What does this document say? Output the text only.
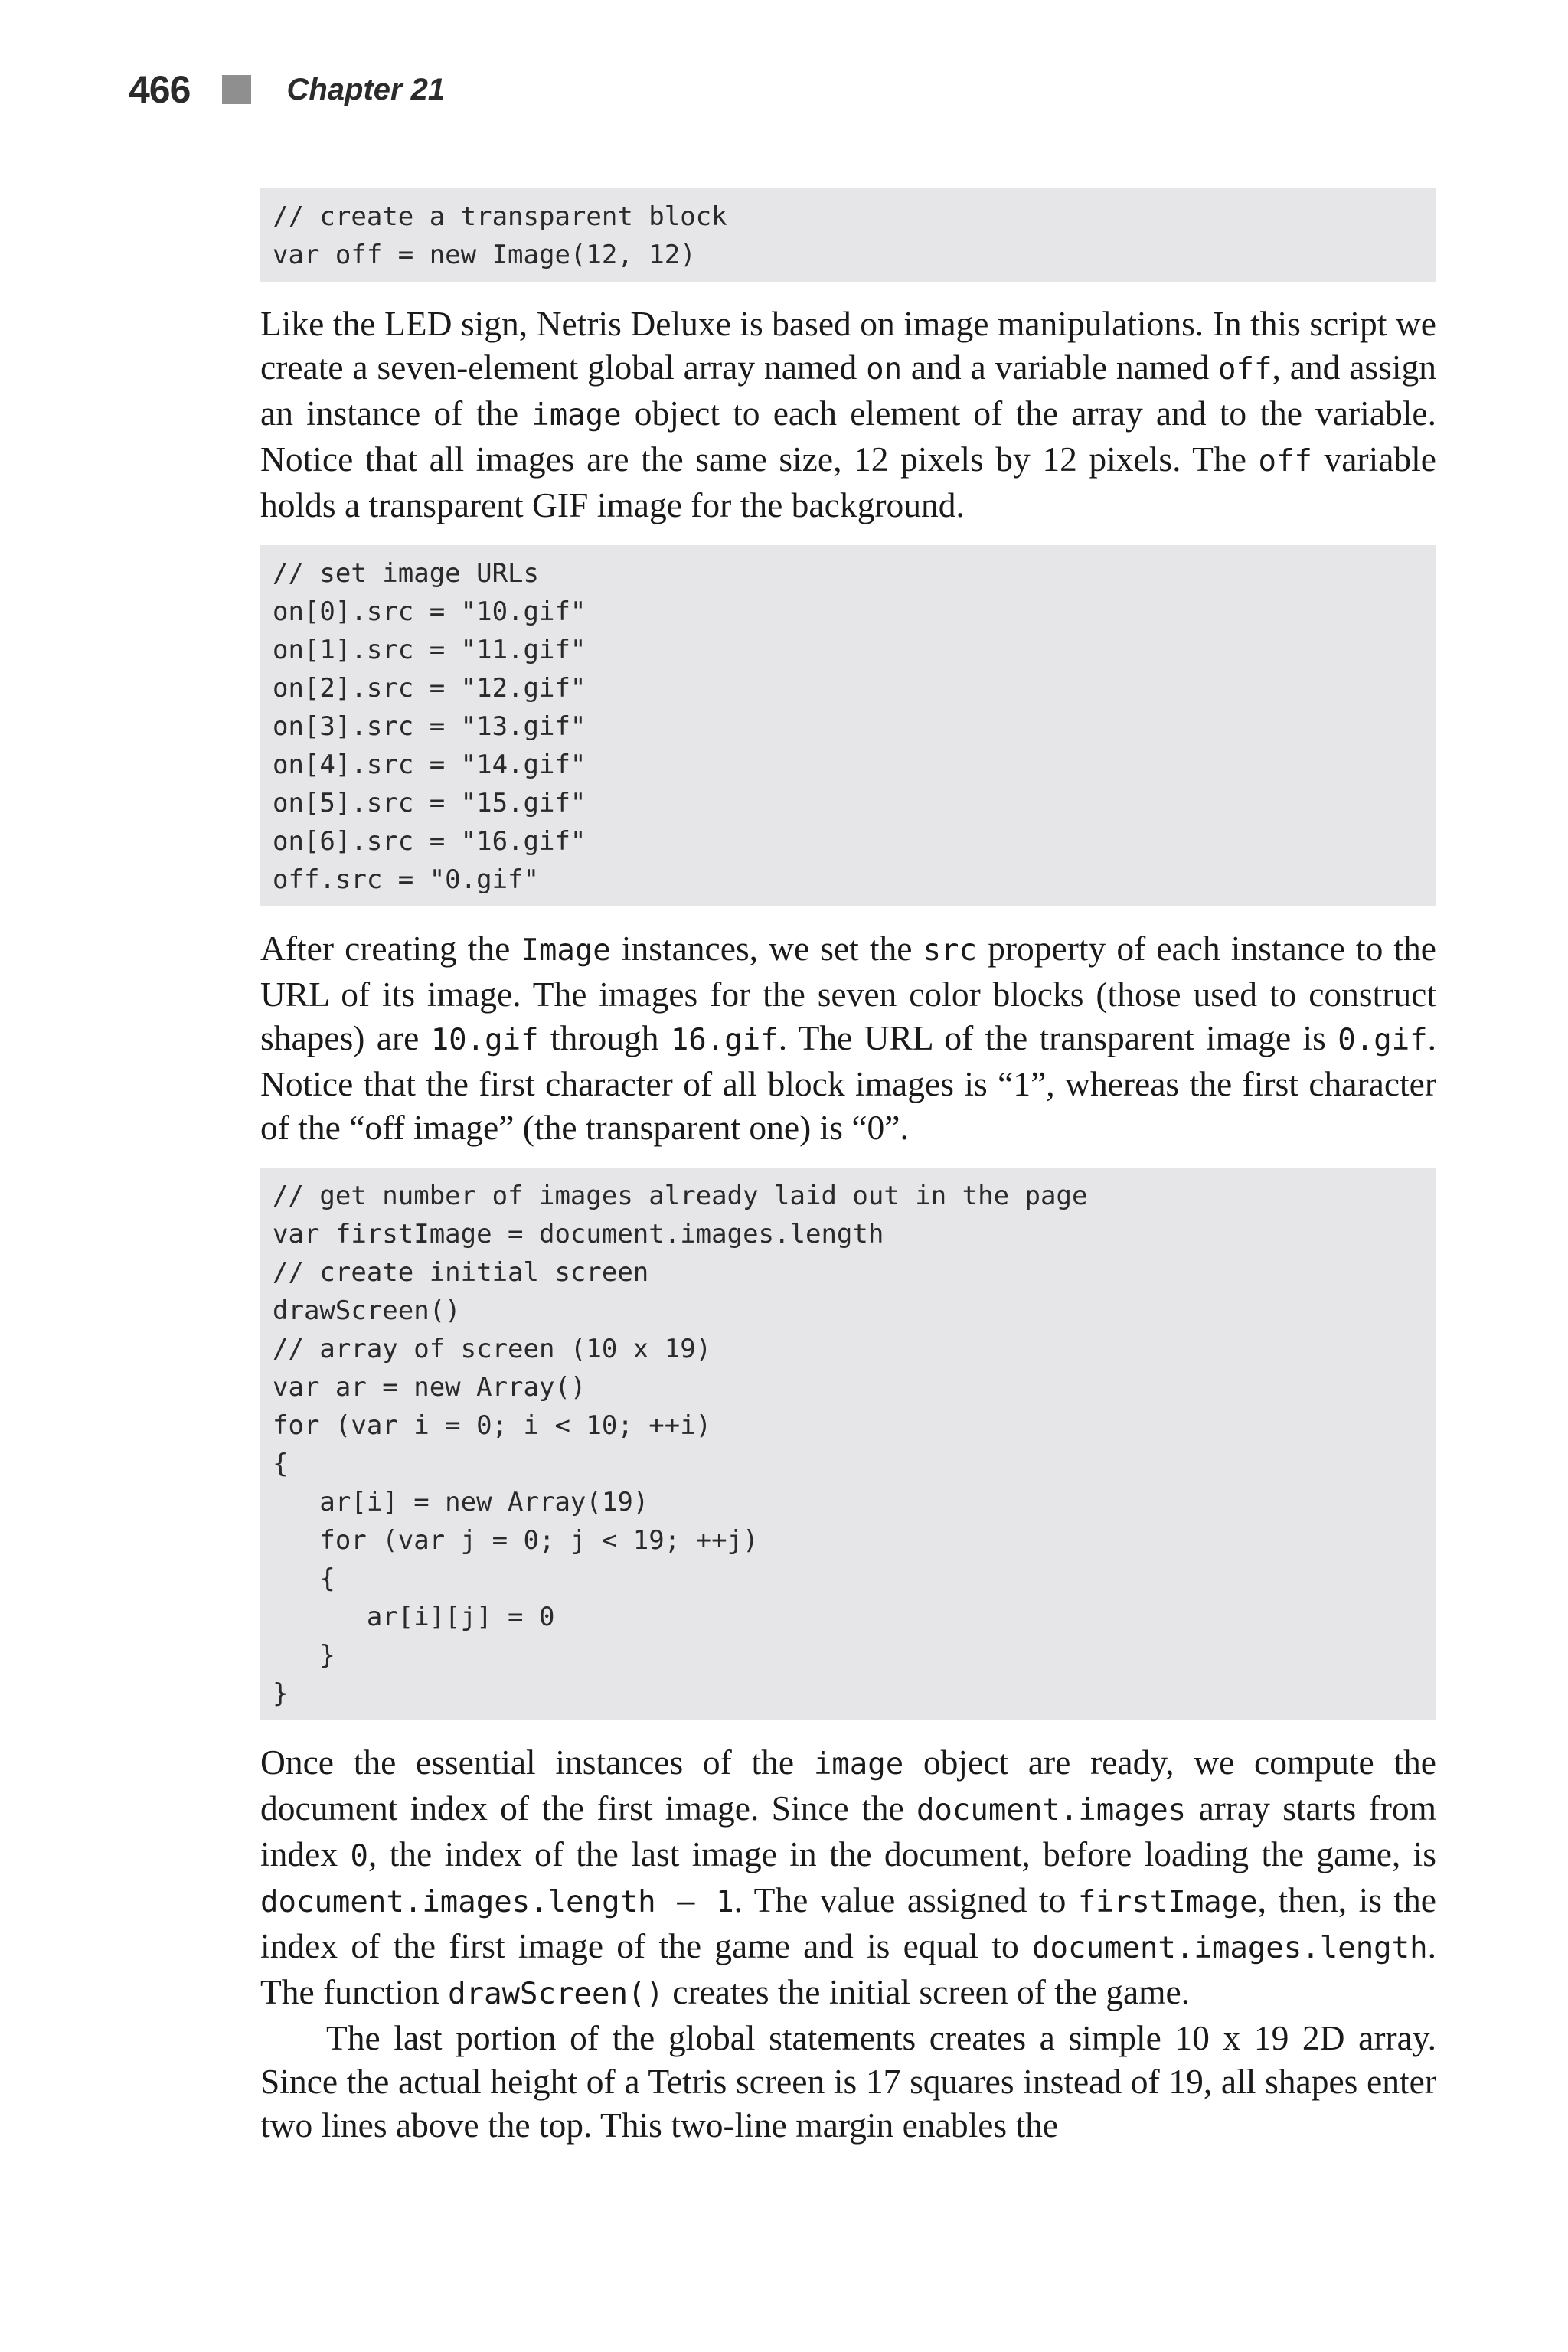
466	Chapter 21
// create a transparent block
var off = new Image(12, 12)

Like the LED sign, Netris Deluxe is based on image manipulations. In this script we create a seven-element global array named on and a variable named off, and assign an instance of the image object to each element of the array and to the variable. Notice that all images are the same size, 12 pixels by 12 pixels. The off variable holds a transparent GIF image for the background.

// set image URLs
on[0].src = "10.gif"
on[1].src = "11.gif"
on[2].src = "12.gif"
on[3].src = "13.gif"
on[4].src = "14.gif"
on[5].src = "15.gif"
on[6].src = "16.gif"
off.src = "0.gif"

After creating the Image instances, we set the src property of each instance to the URL of its image. The images for the seven color blocks (those used to construct shapes) are 10.gif through 16.gif. The URL of the transparent image is 0.gif. Notice that the first character of all block images is “1”, whereas the first character of the “off image” (the transparent one) is “0”.

// get number of images already laid out in the page
var firstImage = document.images.length
// create initial screen
drawScreen()
// array of screen (10 x 19)
var ar = new Array()
for (var i = 0; i < 10; ++i)
{
ar[i] = new Array(19)
for (var j = 0; j < 19; ++j)
{
ar[i][j] = 0
}
}

Once the essential instances of the image object are ready, we compute the document index of the first image. Since the document.images array starts from index 0, the index of the last image in the document, before loading the game, is document.images.length – 1. The value assigned to firstImage, then, is the index of the first image of the game and is equal to document.images.length. The function drawScreen() creates the initial screen of the game.

The last portion of the global statements creates a simple 10 x 19 2D array. Since the actual height of a Tetris screen is 17 squares instead of 19, all shapes enter two lines above the top. This two-line margin enables the
